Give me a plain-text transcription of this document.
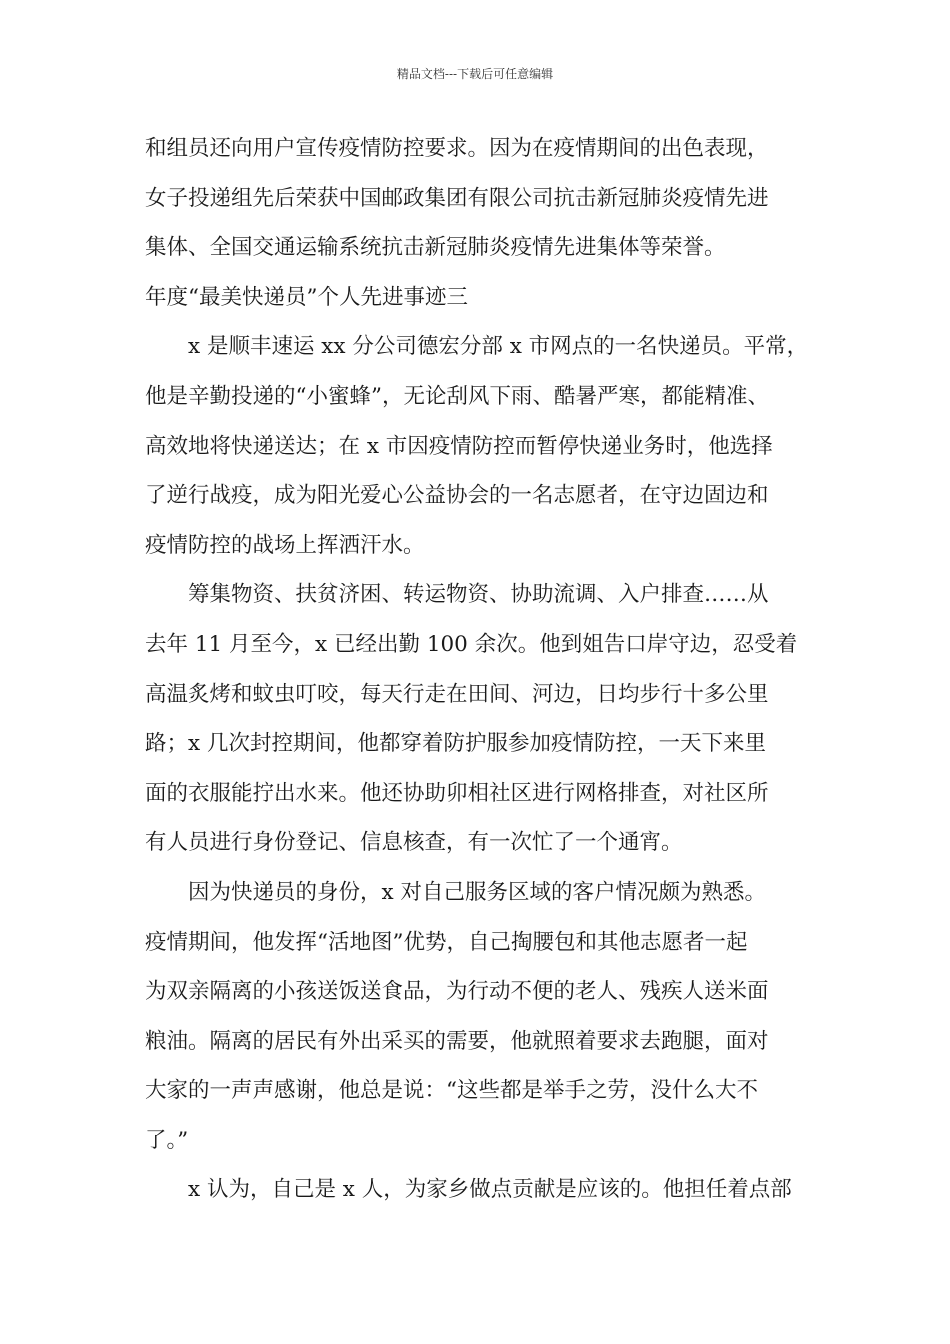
精品文档---下载后可任意编辑
和组员还向用户宣传疫情防控要求。因为在疫情期间的出色表现，
女子投递组先后荣获中国邮政集团有限公司抗击新冠肺炎疫情先进
集体、全国交通运输系统抗击新冠肺炎疫情先进集体等荣誉。
年度“最美快递员”个人先进事迹三
x 是顺丰速运 xx 分公司德宏分部 x 市网点的一名快递员。平常，
他是辛勤投递的“小蜜蜂”，无论刮风下雨、酷暑严寒，都能精准、
高效地将快递送达；在 x 市因疫情防控而暂停快递业务时，他选择
了逆行战疫，成为阳光爱心公益协会的一名志愿者，在守边固边和
疫情防控的战场上挥洒汗水。
筹集物资、扶贫济困、转运物资、协助流调、入户排查……从
去年 11 月至今，x 已经出勤 100 余次。他到姐告口岸守边，忍受着
高温炙烤和蚊虫叮咬，每天行走在田间、河边，日均步行十多公里
路；x 几次封控期间，他都穿着防护服参加疫情防控，一天下来里
面的衣服能拧出水来。他还协助卯相社区进行网格排查，对社区所
有人员进行身份登记、信息核查，有一次忙了一个通宵。
因为快递员的身份，x 对自己服务区域的客户情况颇为熟悉。
疫情期间，他发挥“活地图”优势，自己掏腰包和其他志愿者一起
为双亲隔离的小孩送饭送食品，为行动不便的老人、残疾人送米面
粮油。隔离的居民有外出采买的需要，他就照着要求去跑腿，面对
大家的一声声感谢，他总是说：“这些都是举手之劳，没什么大不
了。”
x 认为，自己是 x 人，为家乡做点贡献是应该的。他担任着点部
